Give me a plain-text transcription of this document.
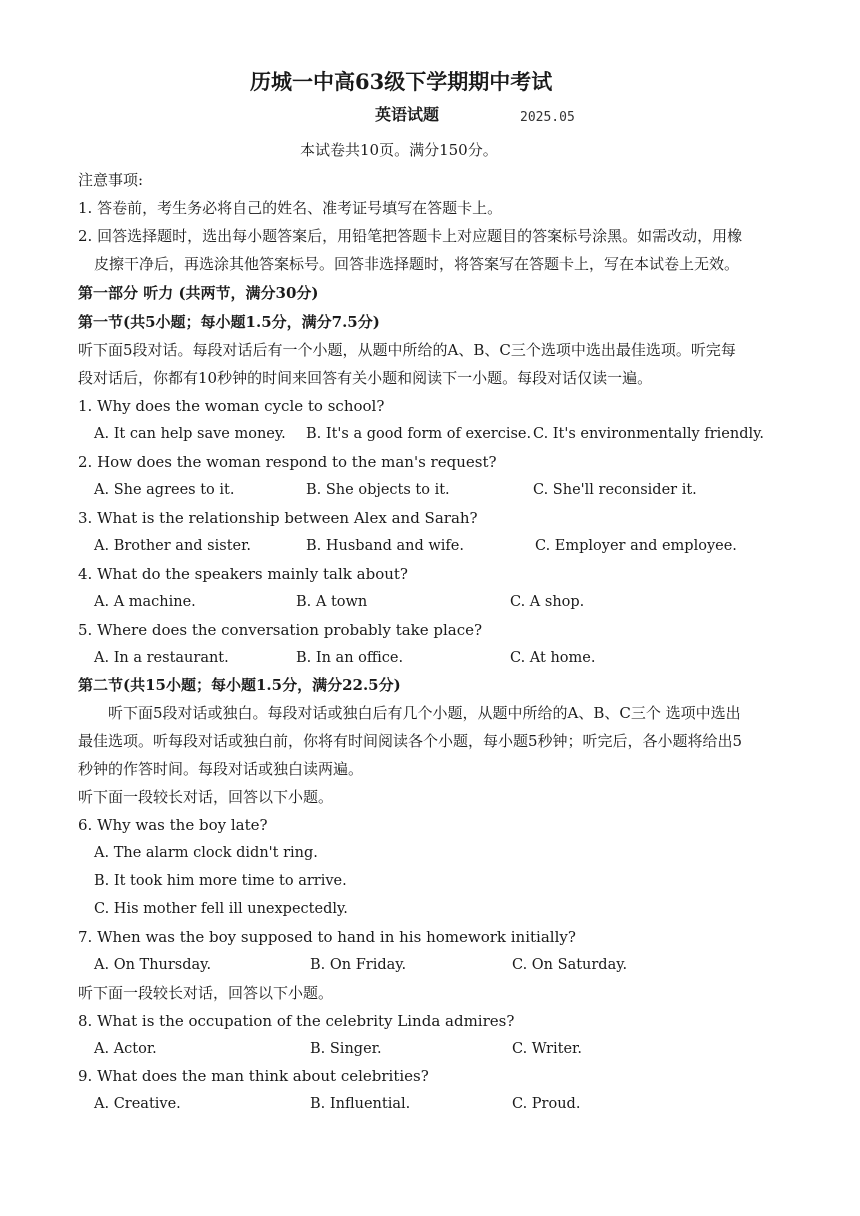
历城一中高63级下学期期中考试
英语试题	2025.05
本试卷共10页。满分150分。
注意事项:
1. 答卷前，考生务必将自己的姓名、准考证号填写在答题卡上。
2. 回答选择题时，选出每小题答案后，用铅笔把答题卡上对应题目的答案标号涂黑。如需改动，用橡
皮擦干净后，再选涂其他答案标号。回答非选择题时，将答案写在答题卡上，写在本试卷上无效。
第一部分 听力 (共两节，满分30分)
第一节(共5小题；每小题1.5分，满分7.5分)
听下面5段对话。每段对话后有一个小题，从题中所给的A、B、C三个选项中选出最佳选项。听完每
段对话后，你都有10秒钟的时间来回答有关小题和阅读下一小题。每段对话仅读一遍。
1. Why does the woman cycle to school?
A. It can help save money. B. It's a good form of exercise. C. It's environmentally friendly.
2. How does the woman respond to the man's request?
A. She agrees to it.	B. She objects to it.	C. She'll reconsider it.
3. What is the relationship between Alex and Sarah?
A. Brother and sister.	B. Husband and wife.	C. Employer and employee.
4. What do the speakers mainly talk about?
A. A machine.	B. A town	C. A shop.
5. Where does the conversation probably take place?
A. In a restaurant.	B. In an office.	C. At home.
第二节(共15小题；每小题1.5分，满分22.5分)
听下面5段对话或独白。每段对话或独白后有几个小题，从题中所给的A、B、C三个 选项中选出
最佳选项。听每段对话或独白前，你将有时间阅读各个小题，每小题5秒钟；听完后，各小题将给出5
秒钟的作答时间。每段对话或独白读两遍。
听下面一段较长对话，回答以下小题。
6. Why was the boy late?
A. The alarm clock didn't ring.
B. It took him more time to arrive.
C. His mother fell ill unexpectedly.
7. When was the boy supposed to hand in his homework initially?
A. On Thursday.	B. On Friday.	C. On Saturday.
听下面一段较长对话，回答以下小题。
8. What is the occupation of the celebrity Linda admires?
A. Actor.	B. Singer.	C. Writer.
9. What does the man think about celebrities?
A. Creative.	B. Influential.	C. Proud.
